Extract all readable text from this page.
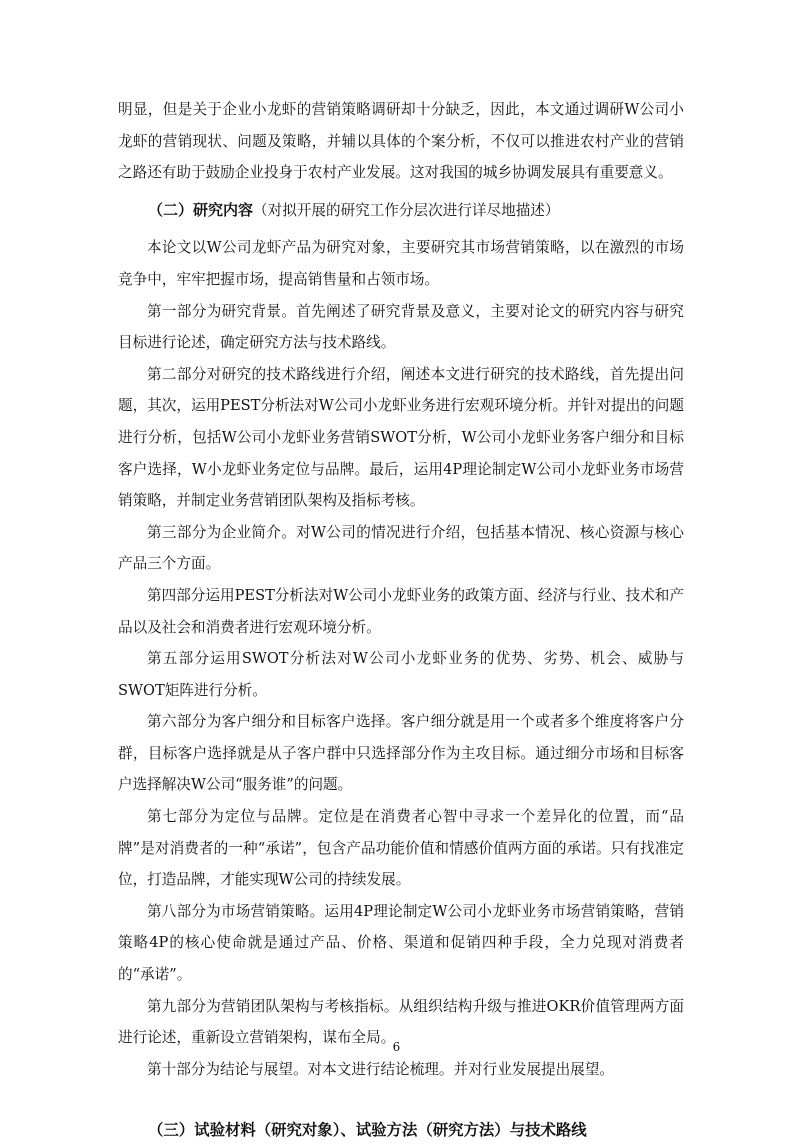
明显，但是关于企业小龙虾的营销策略调研却十分缺乏，因此，本文通过调研W公司小龙虾的营销现状、问题及策略，并辅以具体的个案分析，不仅可以推进农村产业的营销之路还有助于鼓励企业投身于农村产业发展。这对我国的城乡协调发展具有重要意义。

（二）研究内容（对拟开展的研究工作分层次进行详尽地描述）

本论文以W公司龙虾产品为研究对象，主要研究其市场营销策略，以在激烈的市场竞争中，牢牢把握市场，提高销售量和占领市场。

第一部分为研究背景。首先阐述了研究背景及意义，主要对论文的研究内容与研究目标进行论述，确定研究方法与技术路线。

第二部分对研究的技术路线进行介绍，阐述本文进行研究的技术路线，首先提出问题，其次，运用PEST分析法对W公司小龙虾业务进行宏观环境分析。并针对提出的问题进行分析，包括W公司小龙虾业务营销SWOT分析，W公司小龙虾业务客户细分和目标客户选择，W小龙虾业务定位与品牌。最后，运用4P理论制定W公司小龙虾业务市场营销策略，并制定业务营销团队架构及指标考核。

第三部分为企业简介。对W公司的情况进行介绍，包括基本情况、核心资源与核心产品三个方面。

第四部分运用PEST分析法对W公司小龙虾业务的政策方面、经济与行业、技术和产品以及社会和消费者进行宏观环境分析。

第五部分运用SWOT分析法对W公司小龙虾业务的优势、劣势、机会、威胁与SWOT矩阵进行分析。

第六部分为客户细分和目标客户选择。客户细分就是用一个或者多个维度将客户分群，目标客户选择就是从子客户群中只选择部分作为主攻目标。通过细分市场和目标客户选择解决W公司“服务谁”的问题。

第七部分为定位与品牌。定位是在消费者心智中寻求一个差异化的位置，而“品牌”是对消费者的一种“承诺”，包含产品功能价值和情感价值两方面的承诺。只有找准定位，打造品牌，才能实现W公司的持续发展。

第八部分为市场营销策略。运用4P理论制定W公司小龙虾业务市场营销策略，营销策略4P的核心使命就是通过产品、价格、渠道和促销四种手段，全力兑现对消费者的“承诺”。

第九部分为营销团队架构与考核指标。从组织结构升级与推进OKR价值管理两方面进行论述，重新设立营销架构，谋布全局。

第十部分为结论与展望。对本文进行结论梳理。并对行业发展提出展望。

（三）试验材料（研究对象）、试验方法（研究方法）与技术路线
6
